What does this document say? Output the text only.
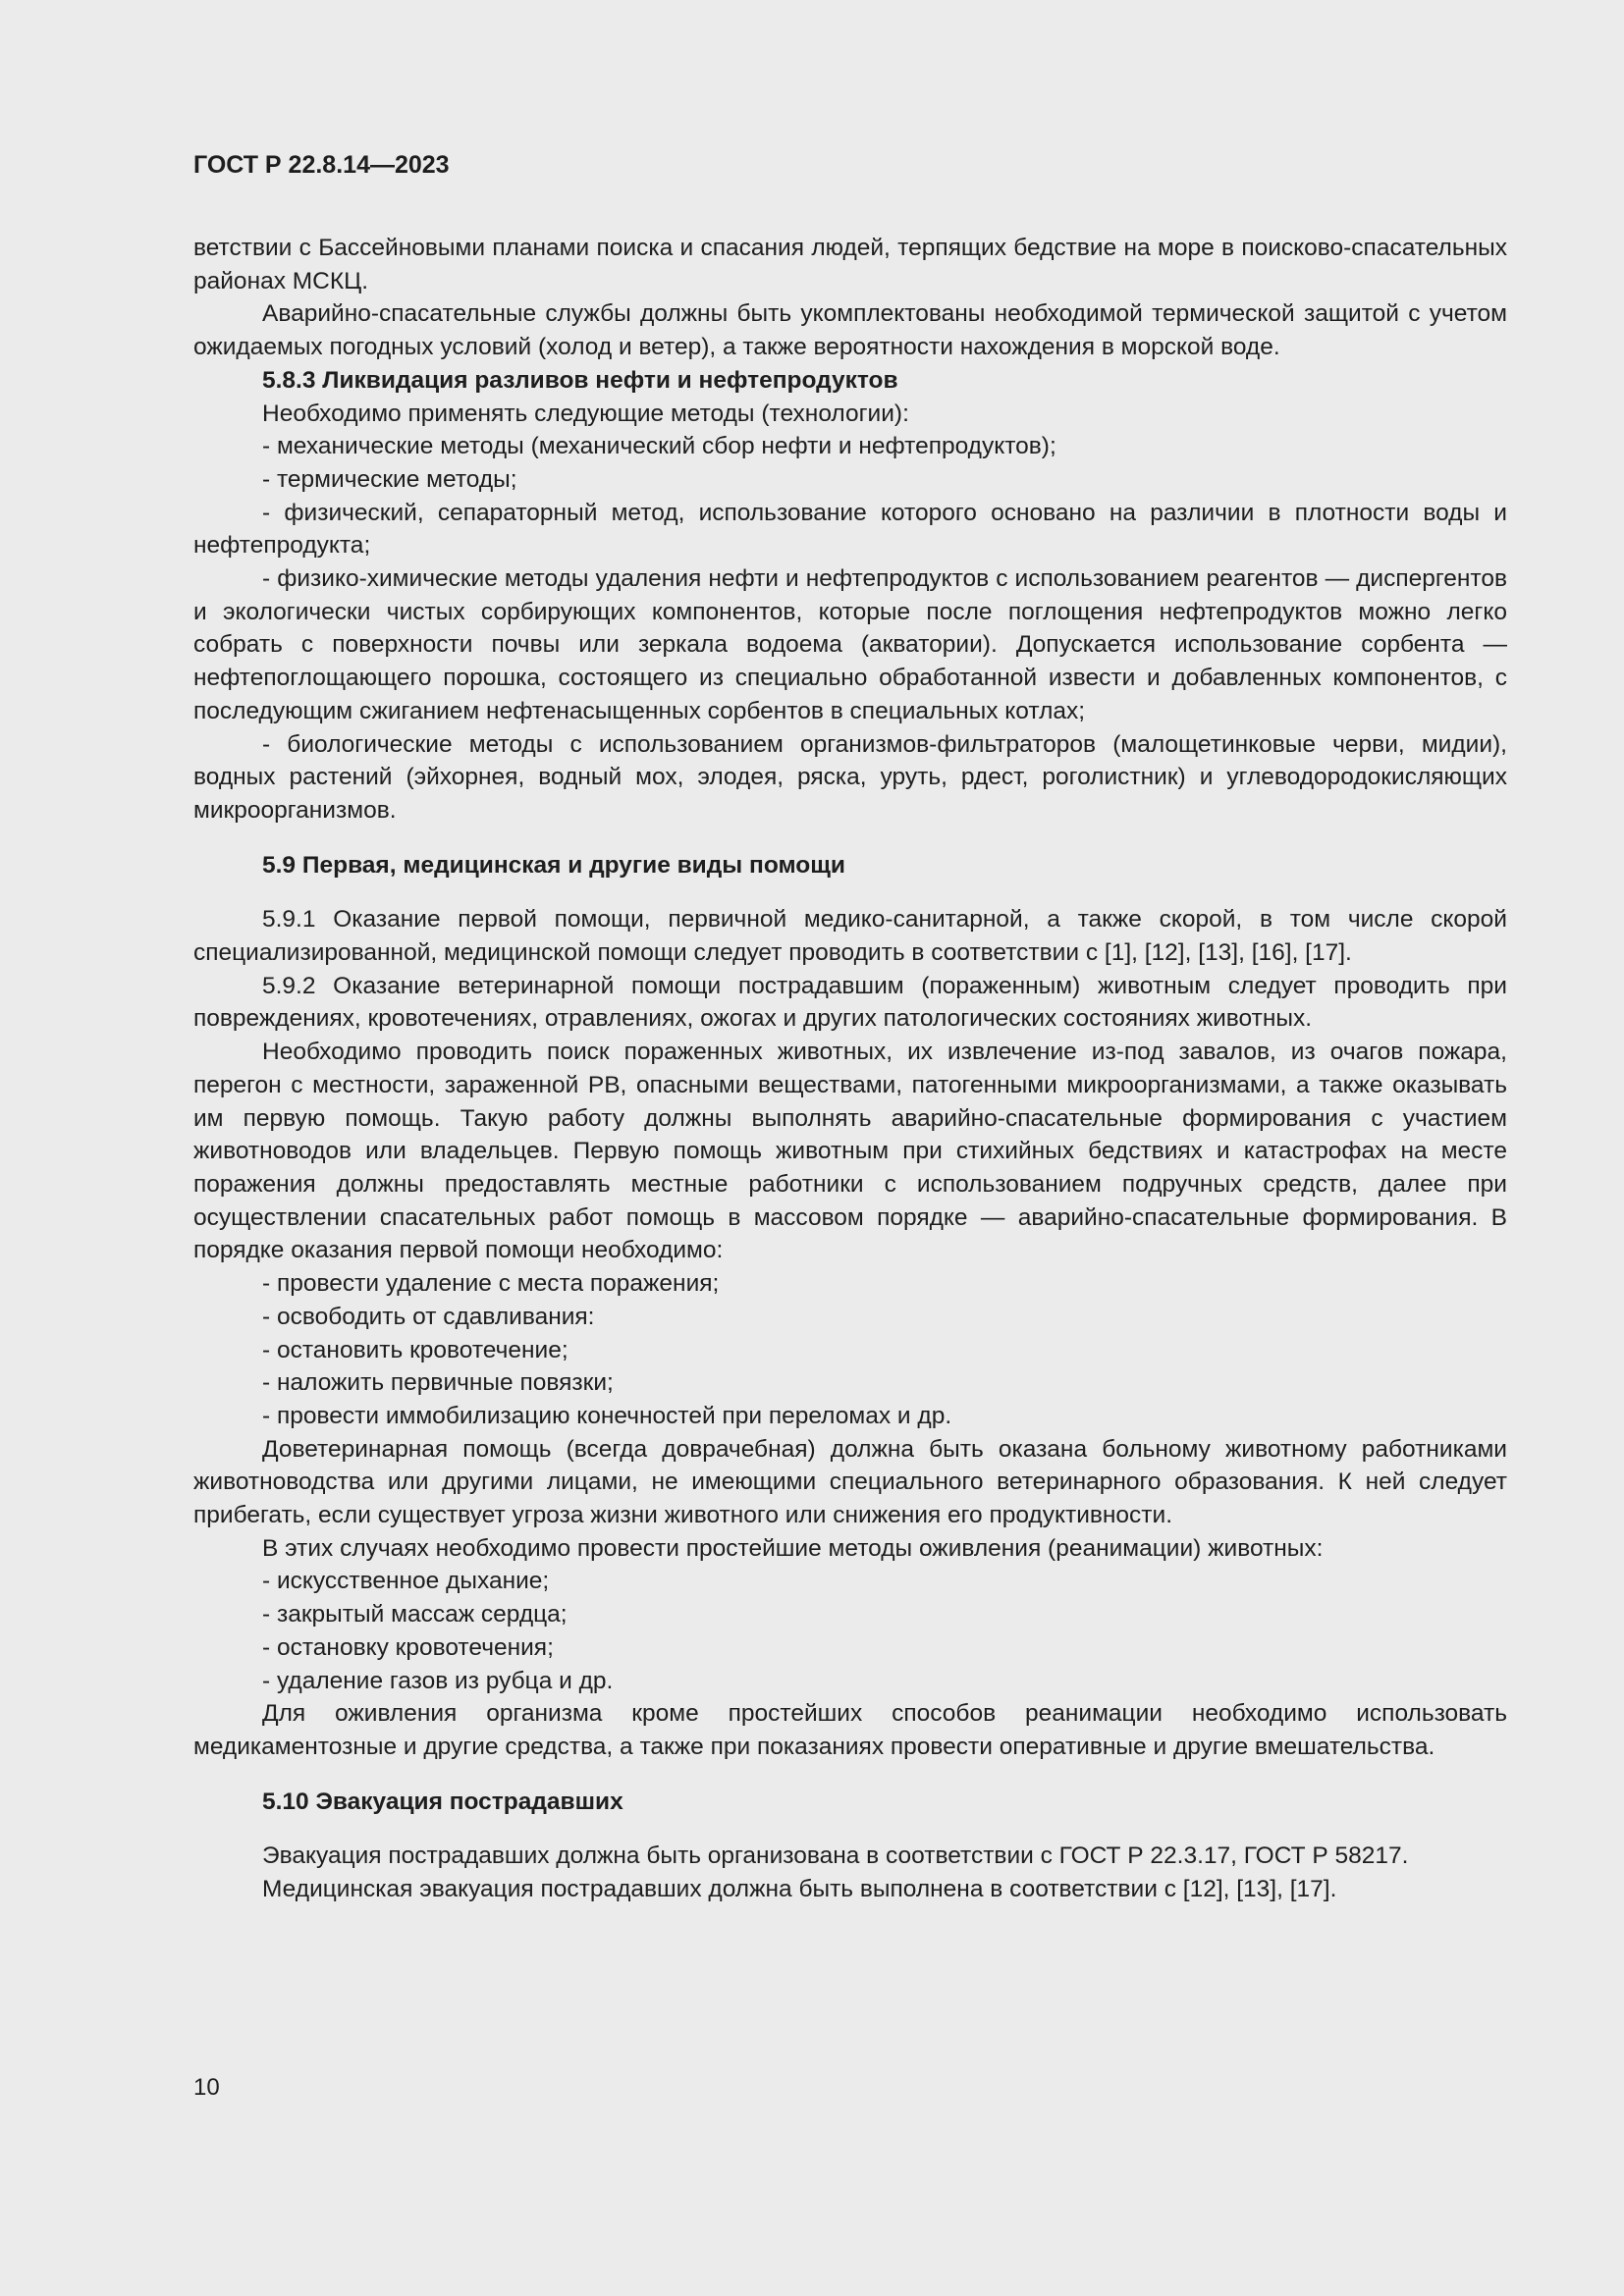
ГОСТ Р 22.8.14—2023

ветствии с Бассейновыми планами поиска и спасания людей, терпящих бедствие на море в поисково-спасательных районах МСКЦ.

Аварийно-спасательные службы должны быть укомплектованы необходимой термической защитой с учетом ожидаемых погодных условий (холод и ветер), а также вероятности нахождения в морской воде.

5.8.3 Ликвидация разливов нефти и нефтепродуктов

Необходимо применять следующие методы (технологии):

- механические методы (механический сбор нефти и нефтепродуктов);

- термические методы;

- физический, сепараторный метод, использование которого основано на различии в плотности воды и нефтепродукта;

- физико-химические методы удаления нефти и нефтепродуктов с использованием реагентов — диспергентов и экологически чистых сорбирующих компонентов, которые после поглощения нефтепродуктов можно легко собрать с поверхности почвы или зеркала водоема (акватории). Допускается использование сорбента — нефтепоглощающего порошка, состоящего из специально обработанной извести и добавленных компонентов, с последующим сжиганием нефтенасыщенных сорбентов в специальных котлах;

- биологические методы с использованием организмов-фильтраторов (малощетинковые черви, мидии), водных растений (эйхорнея, водный мох, элодея, ряска, уруть, рдест, роголистник) и углеводородокисляющих микроорганизмов.

5.9 Первая, медицинская и другие виды помощи

5.9.1 Оказание первой помощи, первичной медико-санитарной, а также скорой, в том числе скорой специализированной, медицинской помощи следует проводить в соответствии с [1], [12], [13], [16], [17].

5.9.2 Оказание ветеринарной помощи пострадавшим (пораженным) животным следует проводить при повреждениях, кровотечениях, отравлениях, ожогах и других патологических состояниях животных.

Необходимо проводить поиск пораженных животных, их извлечение из-под завалов, из очагов пожара, перегон с местности, зараженной РВ, опасными веществами, патогенными микроорганизмами, а также оказывать им первую помощь. Такую работу должны выполнять аварийно-спасательные формирования с участием животноводов или владельцев. Первую помощь животным при стихийных бедствиях и катастрофах на месте поражения должны предоставлять местные работники с использованием подручных средств, далее при осуществлении спасательных работ помощь в массовом порядке — аварийно-спасательные формирования. В порядке оказания первой помощи необходимо:

- провести удаление с места поражения;

- освободить от сдавливания:

- остановить кровотечение;

- наложить первичные повязки;

- провести иммобилизацию конечностей при переломах и др.

Доветеринарная помощь (всегда доврачебная) должна быть оказана больному животному работниками животноводства или другими лицами, не имеющими специального ветеринарного образования. К ней следует прибегать, если существует угроза жизни животного или снижения его продуктивности.

В этих случаях необходимо провести простейшие методы оживления (реанимации) животных:

- искусственное дыхание;

- закрытый массаж сердца;

- остановку кровотечения;

- удаление газов из рубца и др.

Для оживления организма кроме простейших способов реанимации необходимо использовать медикаментозные и другие средства, а также при показаниях провести оперативные и другие вмешательства.

5.10 Эвакуация пострадавших

Эвакуация пострадавших должна быть организована в соответствии с ГОСТ Р 22.3.17, ГОСТ Р 58217.

Медицинская эвакуация пострадавших должна быть выполнена в соответствии с [12], [13], [17].

10
